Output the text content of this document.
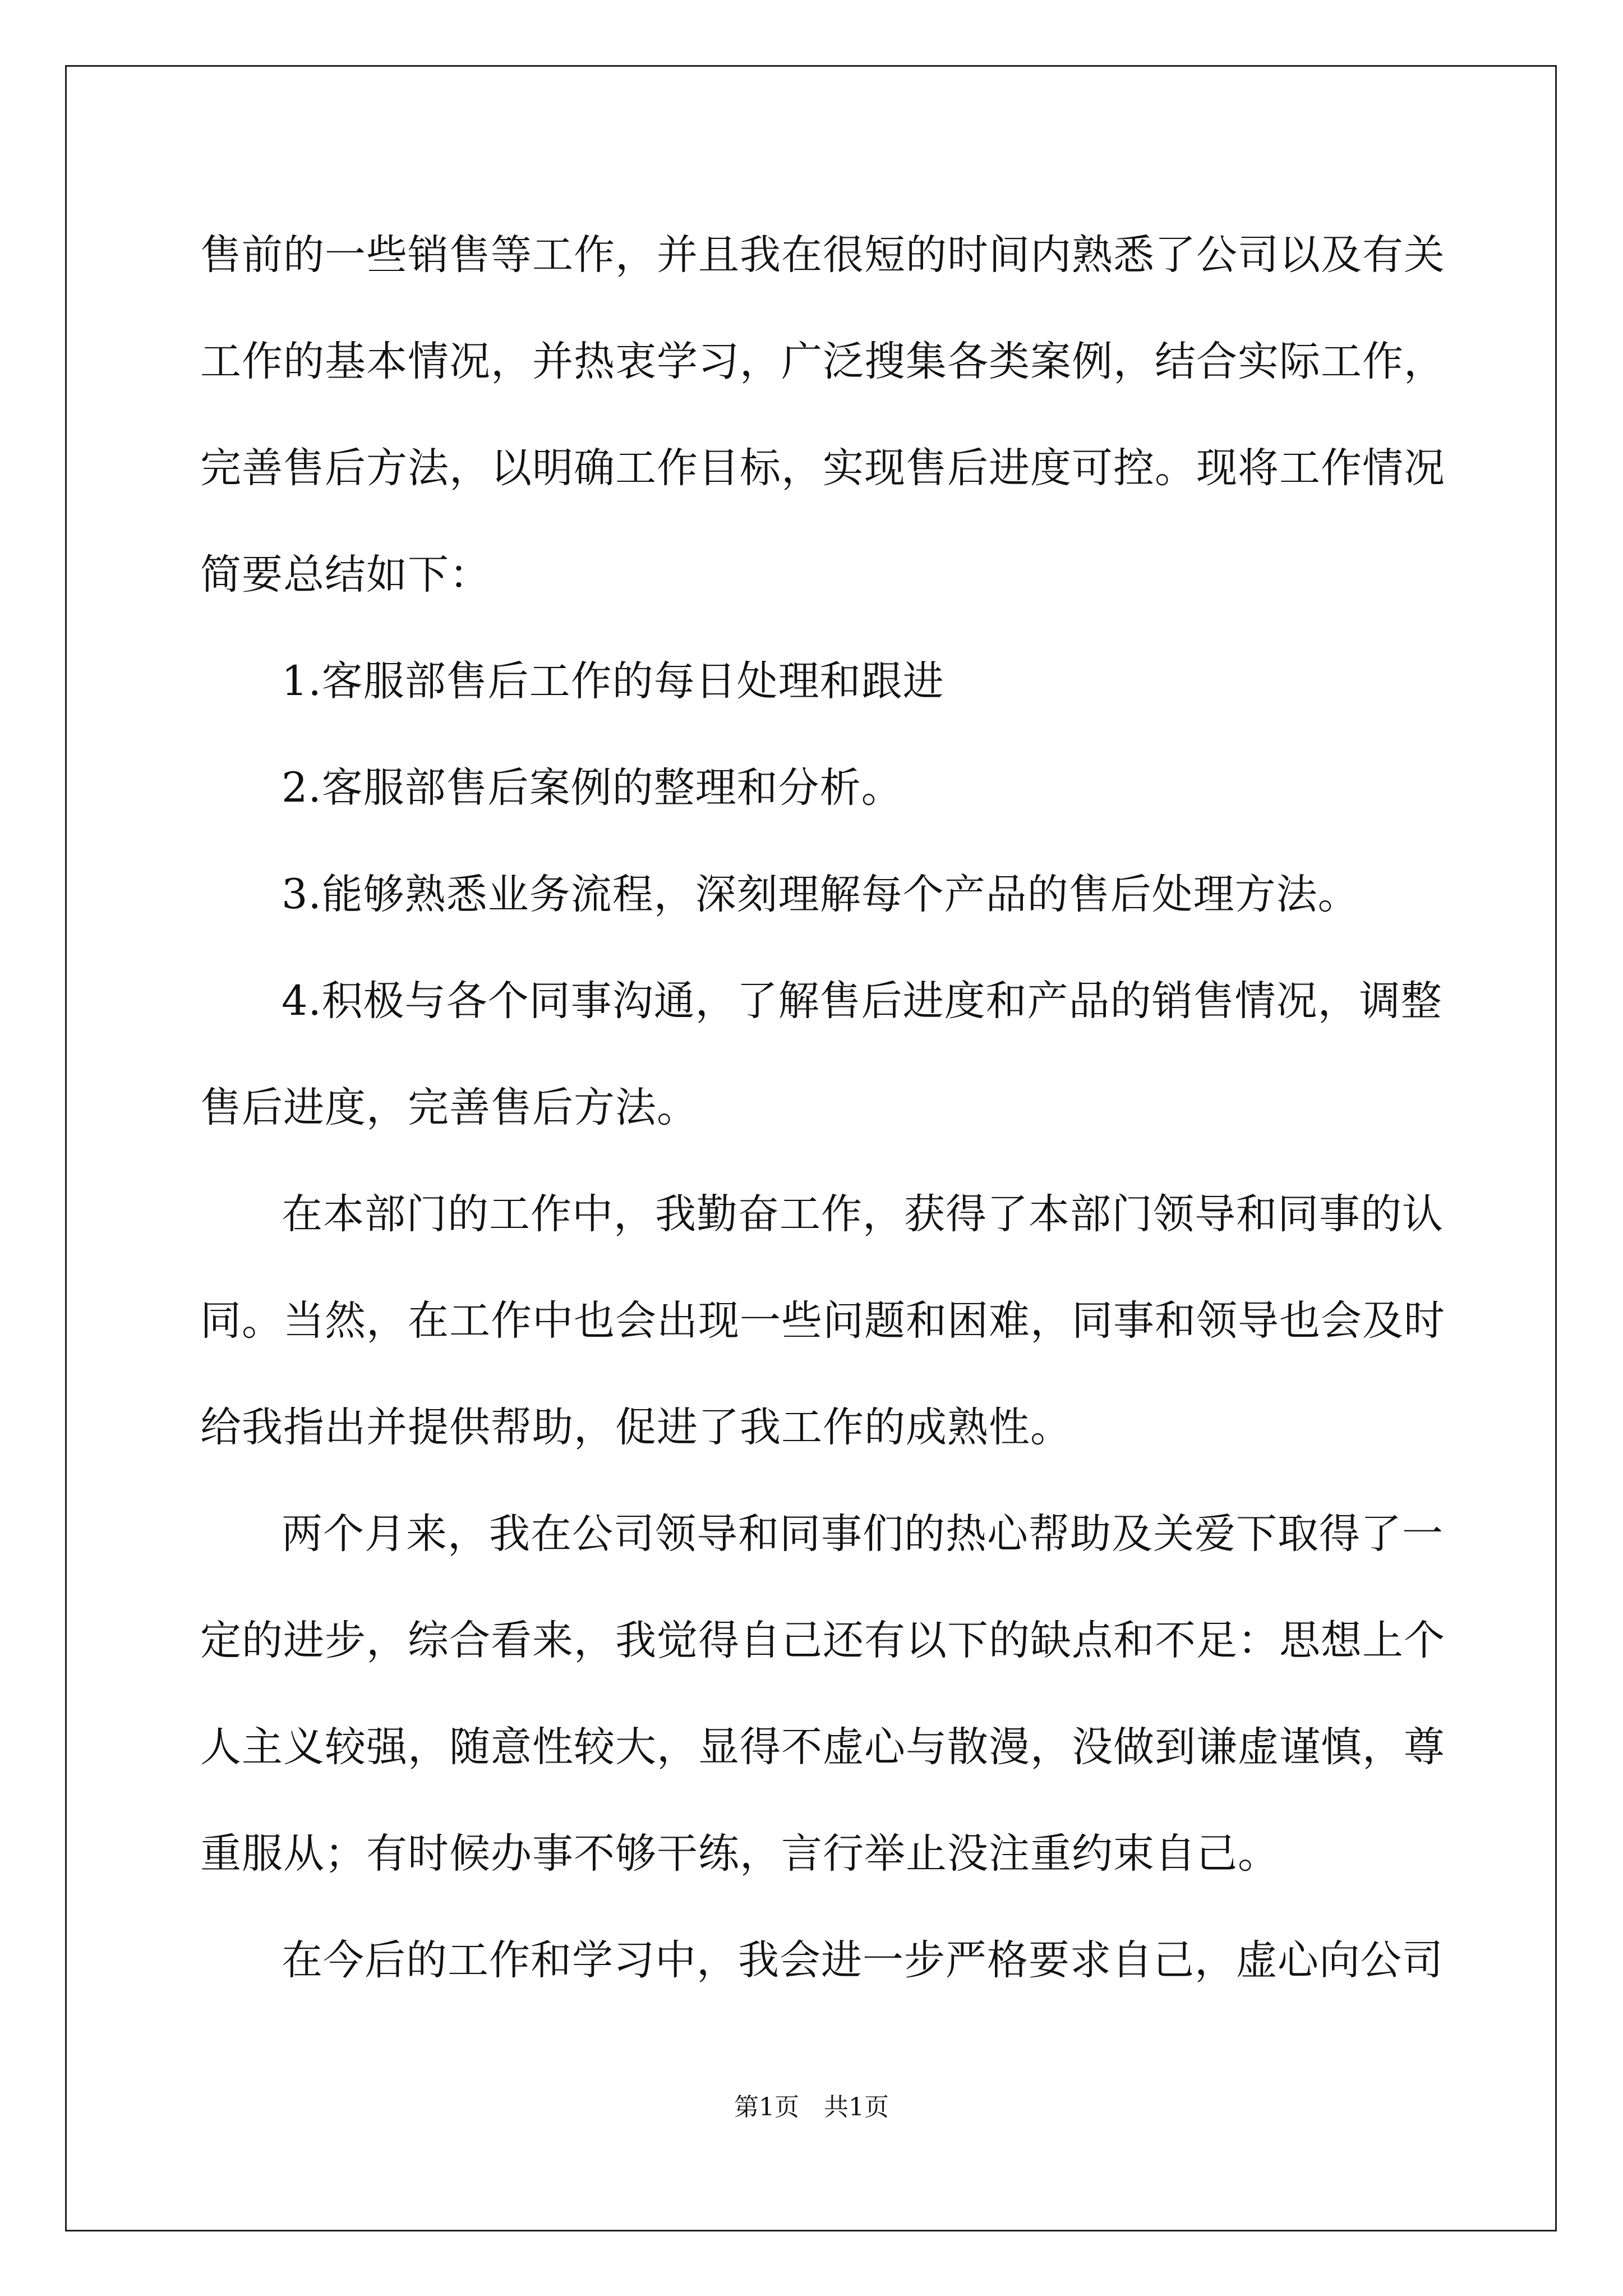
售前的一些销售等工作，并且我在很短的时间内熟悉了公司以及有关
工作的基本情况，并热衷学习，广泛搜集各类案例，结合实际工作，
完善售后方法，以明确工作目标，实现售后进度可控。现将工作情况
简要总结如下：
1.客服部售后工作的每日处理和跟进
2.客服部售后案例的整理和分析。
3.能够熟悉业务流程，深刻理解每个产品的售后处理方法。
4.积极与各个同事沟通，了解售后进度和产品的销售情况，调整
售后进度，完善售后方法。
在本部门的工作中，我勤奋工作，获得了本部门领导和同事的认
同。当然，在工作中也会出现一些问题和困难，同事和领导也会及时
给我指出并提供帮助，促进了我工作的成熟性。
两个月来，我在公司领导和同事们的热心帮助及关爱下取得了一
定的进步，综合看来，我觉得自己还有以下的缺点和不足：思想上个
人主义较强，随意性较大，显得不虚心与散漫，没做到谦虚谨慎，尊
重服从；有时候办事不够干练，言行举止没注重约束自己。
在今后的工作和学习中，我会进一步严格要求自己，虚心向公司
第1页　共1页
